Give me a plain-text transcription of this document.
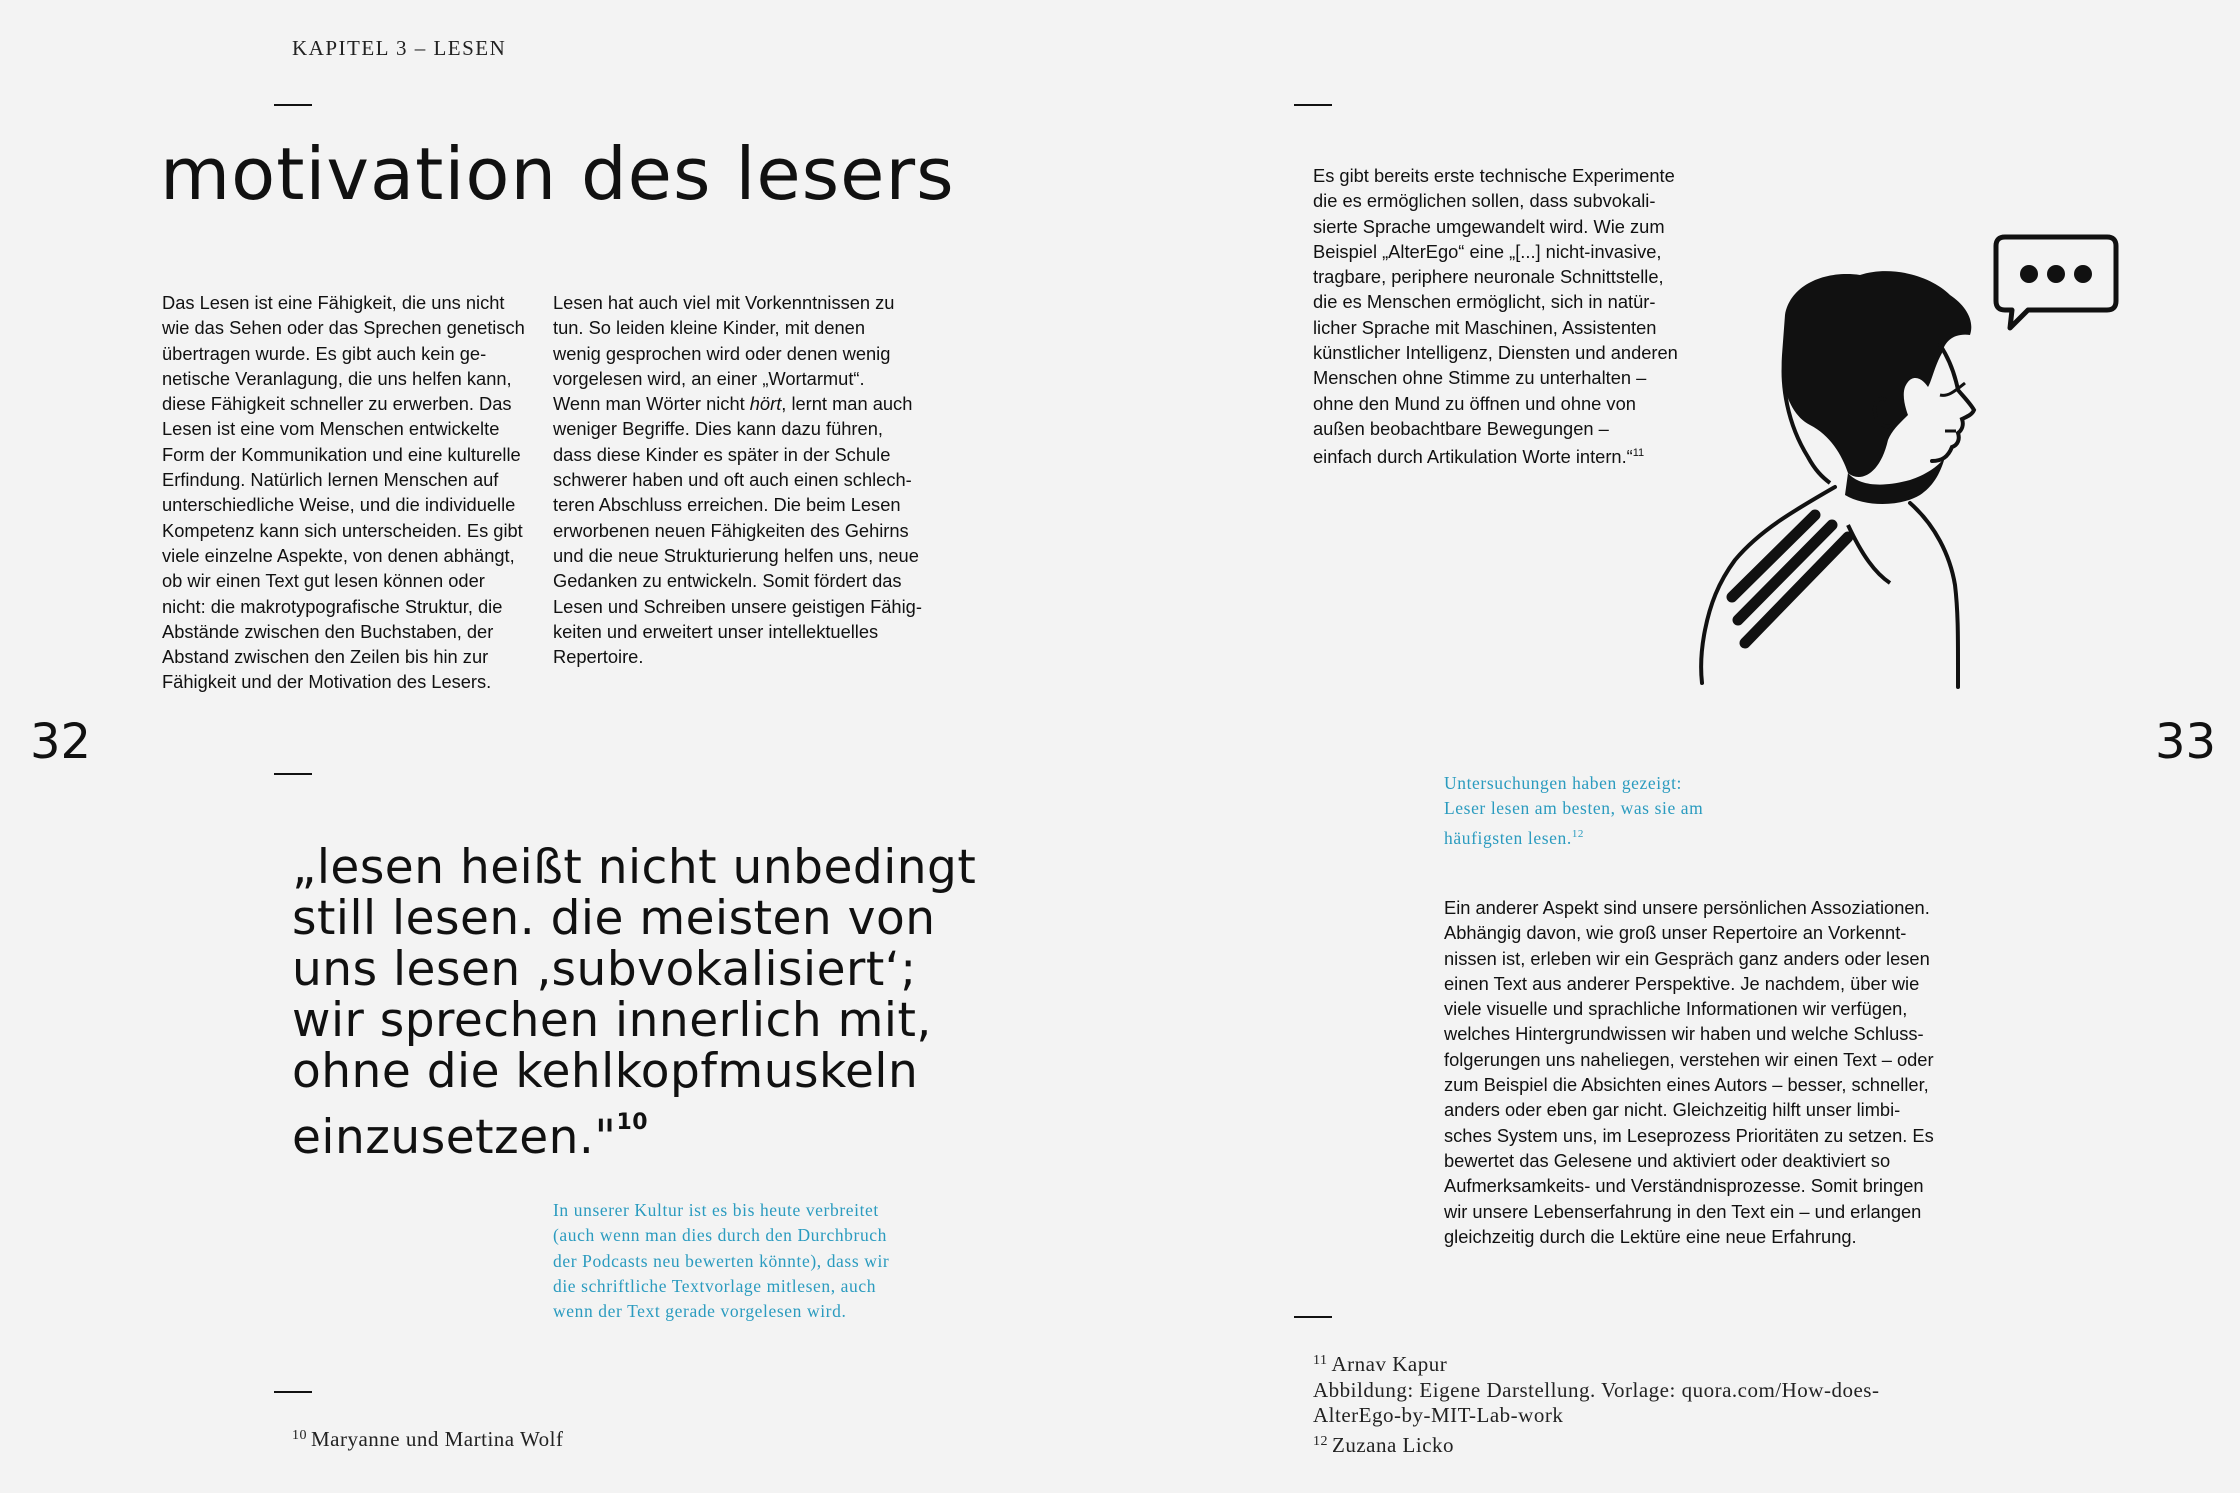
KAPITEL 3 – LESEN
motivation des lesers

Das Lesen ist eine Fähigkeit, die uns nicht
wie das Sehen oder das Sprechen genetisch
übertragen wurde. Es gibt auch kein ge-
netische Veranlagung, die uns helfen kann,
diese Fähigkeit schneller zu erwerben. Das
Lesen ist eine vom Menschen entwickelte
Form der Kommunikation und eine kulturelle
Erfindung. Natürlich lernen Menschen auf
unterschiedliche Weise, und die individuelle
Kompetenz kann sich unterscheiden. Es gibt
viele einzelne Aspekte, von denen abhängt,
ob wir einen Text gut lesen können oder
nicht: die makrotypografische Struktur, die
Abstände zwischen den Buchstaben, der
Abstand zwischen den Zeilen bis hin zur
Fähigkeit und der Motivation des Lesers.

Lesen hat auch viel mit Vorkenntnissen zu
tun. So leiden kleine Kinder, mit denen
wenig gesprochen wird oder denen wenig
vorgelesen wird, an einer „Wortarmut“.
Wenn man Wörter nicht hört, lernt man auch
weniger Begriffe. Dies kann dazu führen,
dass diese Kinder es später in der Schule
schwerer haben und oft auch einen schlech-
teren Abschluss erreichen. Die beim Lesen
erworbenen neuen Fähigkeiten des Gehirns
und die neue Strukturierung helfen uns, neue
Gedanken zu entwickeln. Somit fördert das
Lesen und Schreiben unsere geistigen Fähig-
keiten und erweitert unser intellektuelles
Repertoire.

32

„lesen heißt nicht unbedingt
still lesen. die meisten von
uns lesen ‚subvokalisiert‘;
wir sprechen innerlich mit,
ohne die kehlkopfmuskeln
einzusetzen."$^{10}$

In unserer Kultur ist es bis heute verbreitet
(auch wenn man dies durch den Durchbruch
der Podcasts neu bewerten könnte), dass wir
die schriftliche Textvorlage mitlesen, auch
wenn der Text gerade vorgelesen wird.

$^{10}$ Maryanne und Martina Wolf

Es gibt bereits erste technische Experimente
die es ermöglichen sollen, dass subvokali-
sierte Sprache umgewandelt wird. Wie zum
Beispiel „AlterEgo“ eine „[...] nicht-invasive,
tragbare, periphere neuronale Schnittstelle,
die es Menschen ermöglicht, sich in natür-
licher Sprache mit Maschinen, Assistenten
künstlicher Intelligenz, Diensten und anderen
Menschen ohne Stimme zu unterhalten –
ohne den Mund zu öffnen und ohne von
außen beobachtbare Bewegungen –
einfach durch Artikulation Worte intern.“$^{11}$

33

Untersuchungen haben gezeigt:
Leser lesen am besten, was sie am
häufigsten lesen.$^{12}$

Ein anderer Aspekt sind unsere persönlichen Assoziationen.
Abhängig davon, wie groß unser Repertoire an Vorkennt-
nissen ist, erleben wir ein Gespräch ganz anders oder lesen
einen Text aus anderer Perspektive. Je nachdem, über wie
viele visuelle und sprachliche Informationen wir verfügen,
welches Hintergrundwissen wir haben und welche Schluss-
folgerungen uns naheliegen, verstehen wir einen Text – oder
zum Beispiel die Absichten eines Autors – besser, schneller,
anders oder eben gar nicht. Gleichzeitig hilft unser limbi-
sches System uns, im Leseprozess Prioritäten zu setzen. Es
bewertet das Gelesene und aktiviert oder deaktiviert so
Aufmerksamkeits- und Verständnisprozesse. Somit bringen
wir unsere Lebenserfahrung in den Text ein – und erlangen
gleichzeitig durch die Lektüre eine neue Erfahrung.

$^{11}$ Arnav Kapur

Abbildung: Eigene Darstellung. Vorlage: quora.com/How-does-

AlterEgo-by-MIT-Lab-work

$^{12}$ Zuzana Licko
